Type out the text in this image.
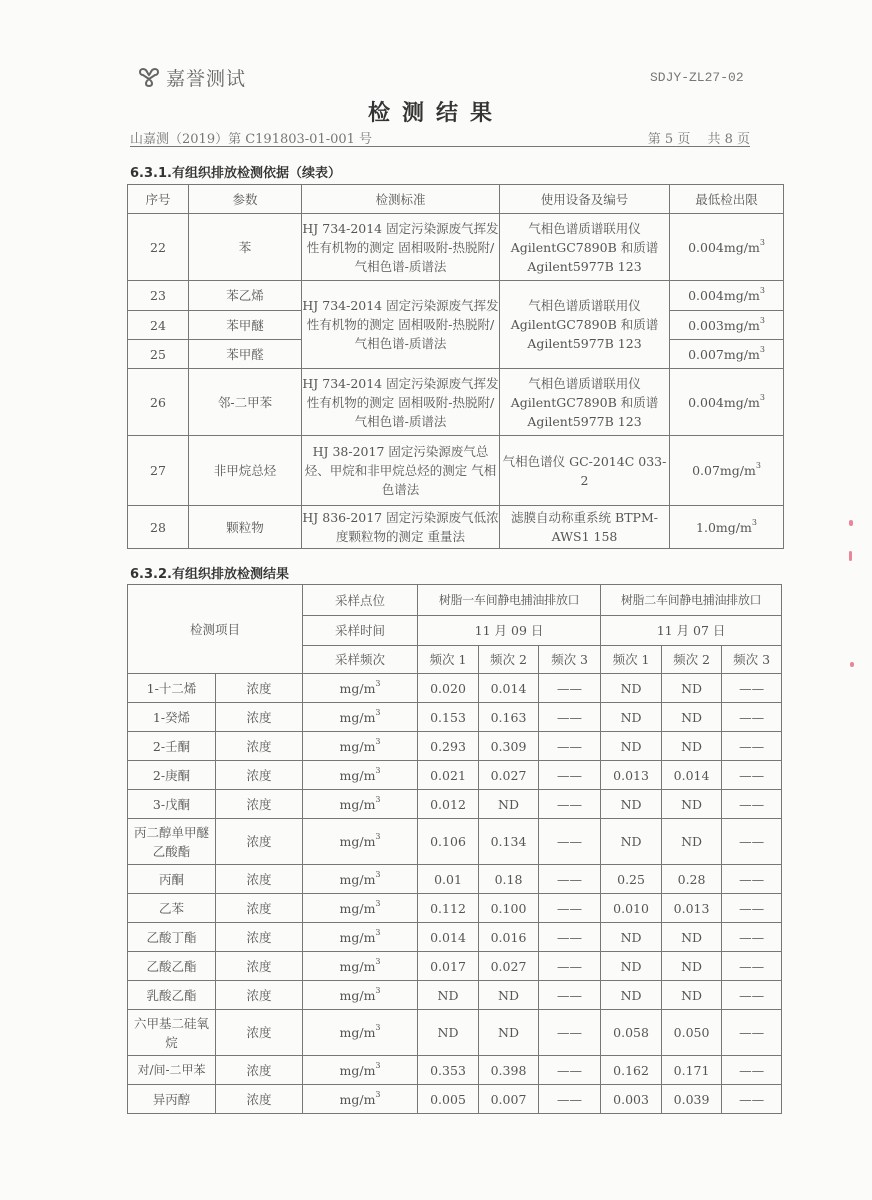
嘉誉测试	SDJY-ZL27-02
检测结果
山嘉测（2019）第 C191803-01-001 号	第 5 页　 共 8 页
6.3.1.有组织排放检测依据（续表）
序号	参数	检测标准	使用设备及编号	最低检出限
22	苯	HJ 734-2014 固定污染源废气挥发性有机物的测定 固相吸附-热脱附/气相色谱-质谱法	气相色谱质谱联用仪 AgilentGC7890B 和质谱 Agilent5977B 123	$0.004mg/m^3$
23	苯乙烯	HJ 734-2014 固定污染源废气挥发性有机物的测定 固相吸附-热脱附/气相色谱-质谱法	气相色谱质谱联用仪 AgilentGC7890B 和质谱 Agilent5977B 123	$0.004mg/m^3$
24	苯甲醚			$0.003mg/m^3$
25	苯甲醛			$0.007mg/m^3$
26	邻-二甲苯	HJ 734-2014 固定污染源废气挥发性有机物的测定 固相吸附-热脱附/气相色谱-质谱法	气相色谱质谱联用仪 AgilentGC7890B 和质谱 Agilent5977B 123	$0.004mg/m^3$
27	非甲烷总烃	HJ 38-2017 固定污染源废气总烃、甲烷和非甲烷总烃的测定 气相色谱法	气相色谱仪 GC-2014C 033-2	$0.07mg/m^3$
28	颗粒物	HJ 836-2017 固定污染源废气低浓度颗粒物的测定 重量法	滤膜自动称重系统 BTPM-AWS1 158	$1.0mg/m^3$
6.3.2.有组织排放检测结果
检测项目		采样点位	树脂一车间静电捕油排放口			树脂二车间静电捕油排放口		
		采样时间	11 月 09 日			11 月 07 日		
		采样频次	频次 1	频次 2	频次 3	频次 1	频次 2	频次 3
1-十二烯	浓度	$mg/m^3$	0.020	0.014	——	ND	ND	——
1-癸烯	浓度	$mg/m^3$	0.153	0.163	——	ND	ND	——
2-壬酮	浓度	$mg/m^3$	0.293	0.309	——	ND	ND	——
2-庚酮	浓度	$mg/m^3$	0.021	0.027	——	0.013	0.014	——
3-戊酮	浓度	$mg/m^3$	0.012	ND	——	ND	ND	——
丙二醇单甲醚乙酸酯	浓度	$mg/m^3$	0.106	0.134	——	ND	ND	——
丙酮	浓度	$mg/m^3$	0.01	0.18	——	0.25	0.28	——
乙苯	浓度	$mg/m^3$	0.112	0.100	——	0.010	0.013	——
乙酸丁酯	浓度	$mg/m^3$	0.014	0.016	——	ND	ND	——
乙酸乙酯	浓度	$mg/m^3$	0.017	0.027	——	ND	ND	——
乳酸乙酯	浓度	$mg/m^3$	ND	ND	——	ND	ND	——
六甲基二硅氧烷	浓度	$mg/m^3$	ND	ND	——	0.058	0.050	——
对/间-二甲苯	浓度	$mg/m^3$	0.353	0.398	——	0.162	0.171	——
异丙醇	浓度	$mg/m^3$	0.005	0.007	——	0.003	0.039	——
